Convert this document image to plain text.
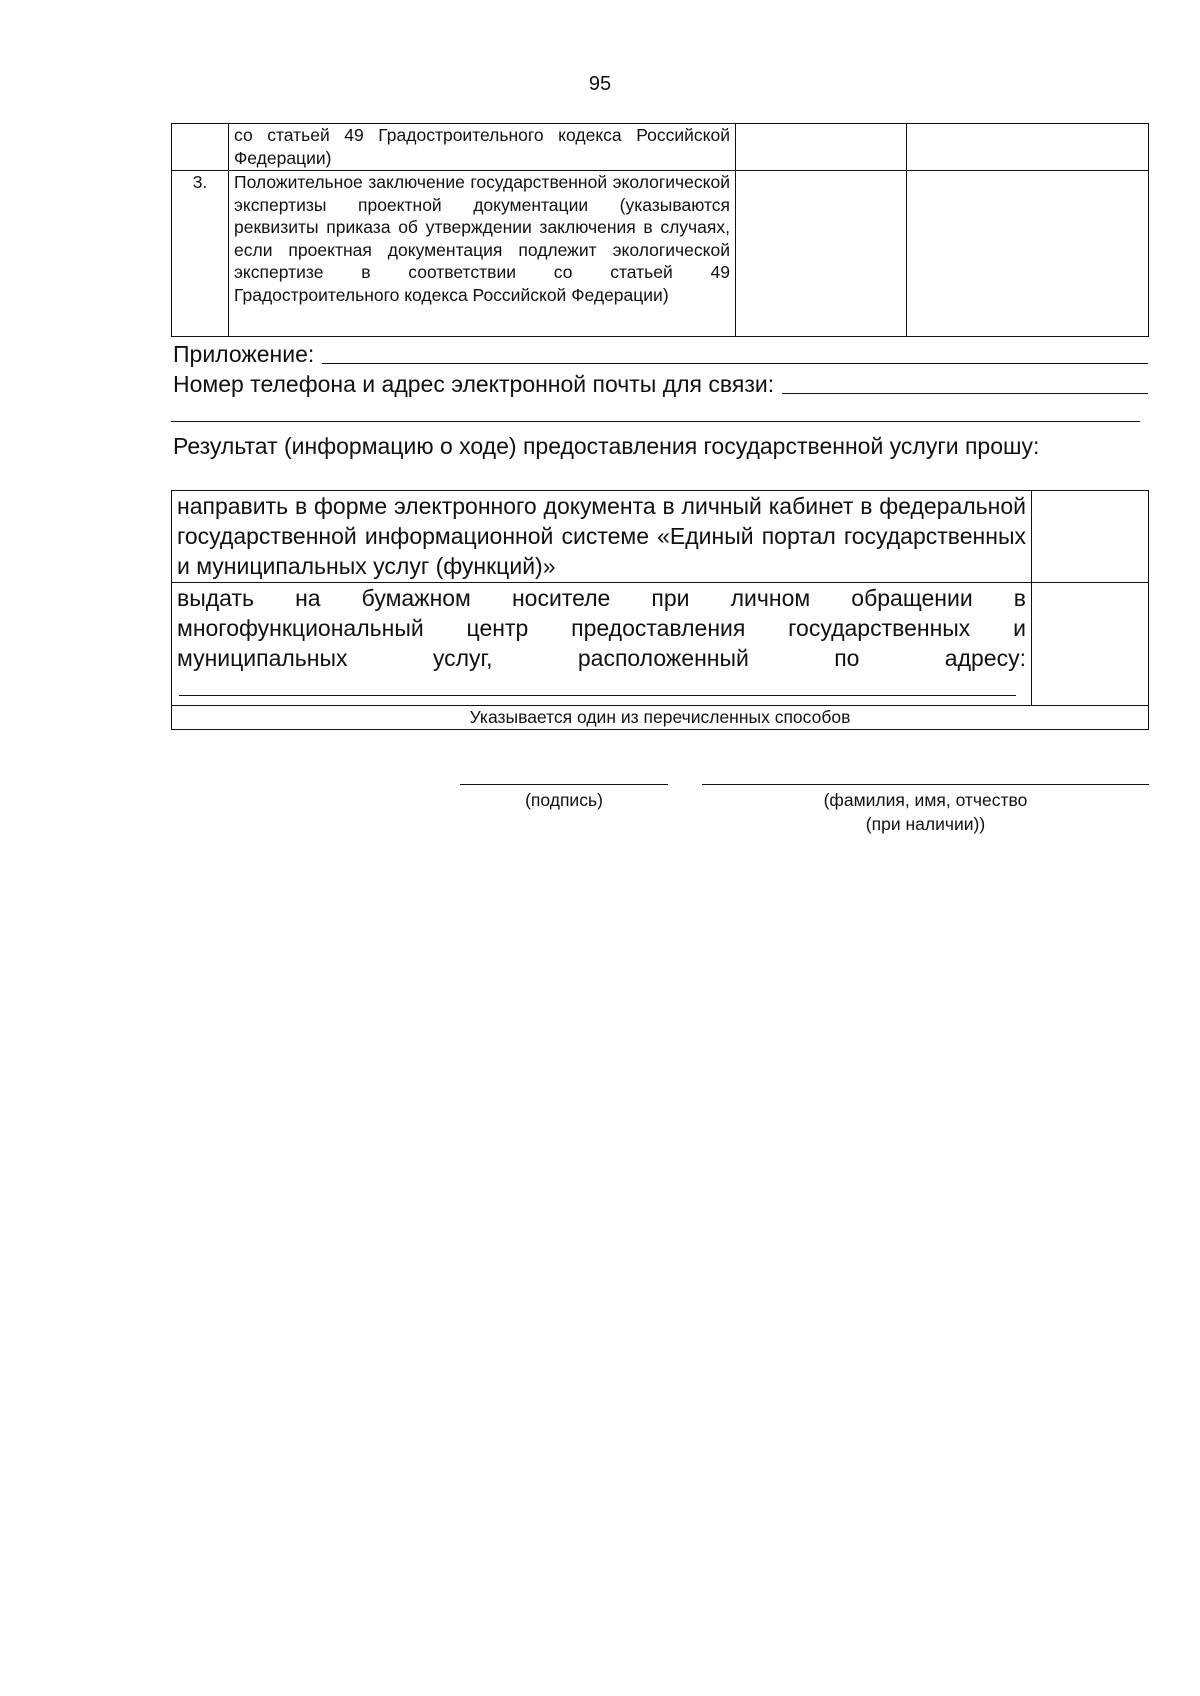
95
	со статьей 49 Градостроительного кодекса Российской Федерации)		
3.	Положительное заключение государственной экологической экспертизы проектной документации (указываются реквизиты приказа об утверждении заключения в случаях, если проектная документация подлежит экологической экспертизе в соответствии со статьей 49 Градостроительного кодекса Российской Федерации)		
Приложение:
Номер телефона и адрес электронной почты для связи:
Результат (информацию о ходе) предоставления государственной услуги прошу:
направить в форме электронного документа в личный кабинет в федеральной государственной информационной системе «Единый портал государственных и муниципальных услуг (функций)»	

выдать на бумажном носителе при личном обращении в многофункциональный центр предоставления государственных и муниципальных услуг, расположенный по адресу:	

Указывается один из перечисленных способов	
(подпись)	(фамилия, имя, отчество
(при наличии))
